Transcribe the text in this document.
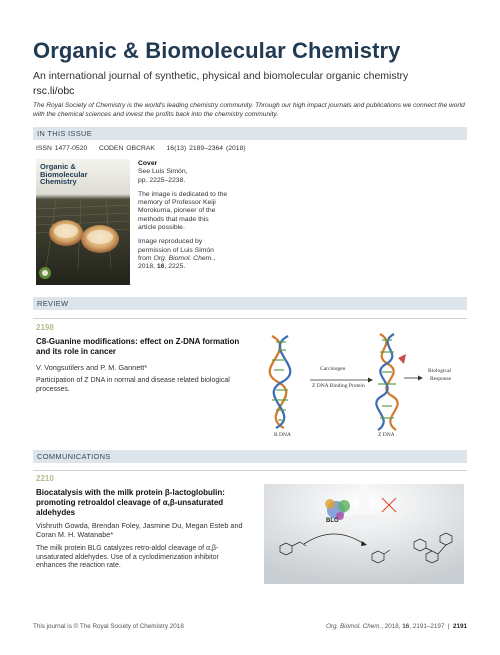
Organic & Biomolecular Chemistry
An international journal of synthetic, physical and biomolecular organic chemistry
rsc.li/obc
The Royal Society of Chemistry is the world's leading chemistry community. Through our high impact journals and publications we connect the world with the chemical sciences and invest the profits back into the chemistry community.
IN THIS ISSUE
ISSN 1477-0520 CODEN OBCRAK 16(13) 2189–2364 (2018)
Organic &
Biomolecular
Chemistry

Cover
See Luis Simón,
pp. 2225–2238.

The image is dedicated to the memory of Professor Keiji Morokuma, pioneer of the methods that made this article possible.

Image reproduced by permission of Luis Simón from Org. Biomol. Chem., 2018, 16, 2225.

REVIEW
2198
C8-Guanine modifications: effect on Z-DNA formation and its role in cancer
V. Vongsutilers and P. M. Gannett*
Participation of Z DNA in normal and disease related biological processes.
Carcinogen
Z DNA Binding Protein
Biological
Response
B DNA	Z DNA
COMMUNICATIONS
2210
Biocatalysis with the milk protein β-lactoglobulin: promoting retroaldol cleavage of α,β-unsaturated aldehydes
Vishruth Gowda, Brendan Foley, Jasmine Du, Megan Esteb and Coran M. H. Watanabe*
The milk protein BLG catalyzes retro-aldol cleavage of α,β-unsaturated aldehydes. Use of a cyclodimerization inhibitor enhances the reaction rate.
BLG
This journal is © The Royal Society of Chemistry 2018	Org. Biomol. Chem., 2018, 16, 2191–2197 | 2191
